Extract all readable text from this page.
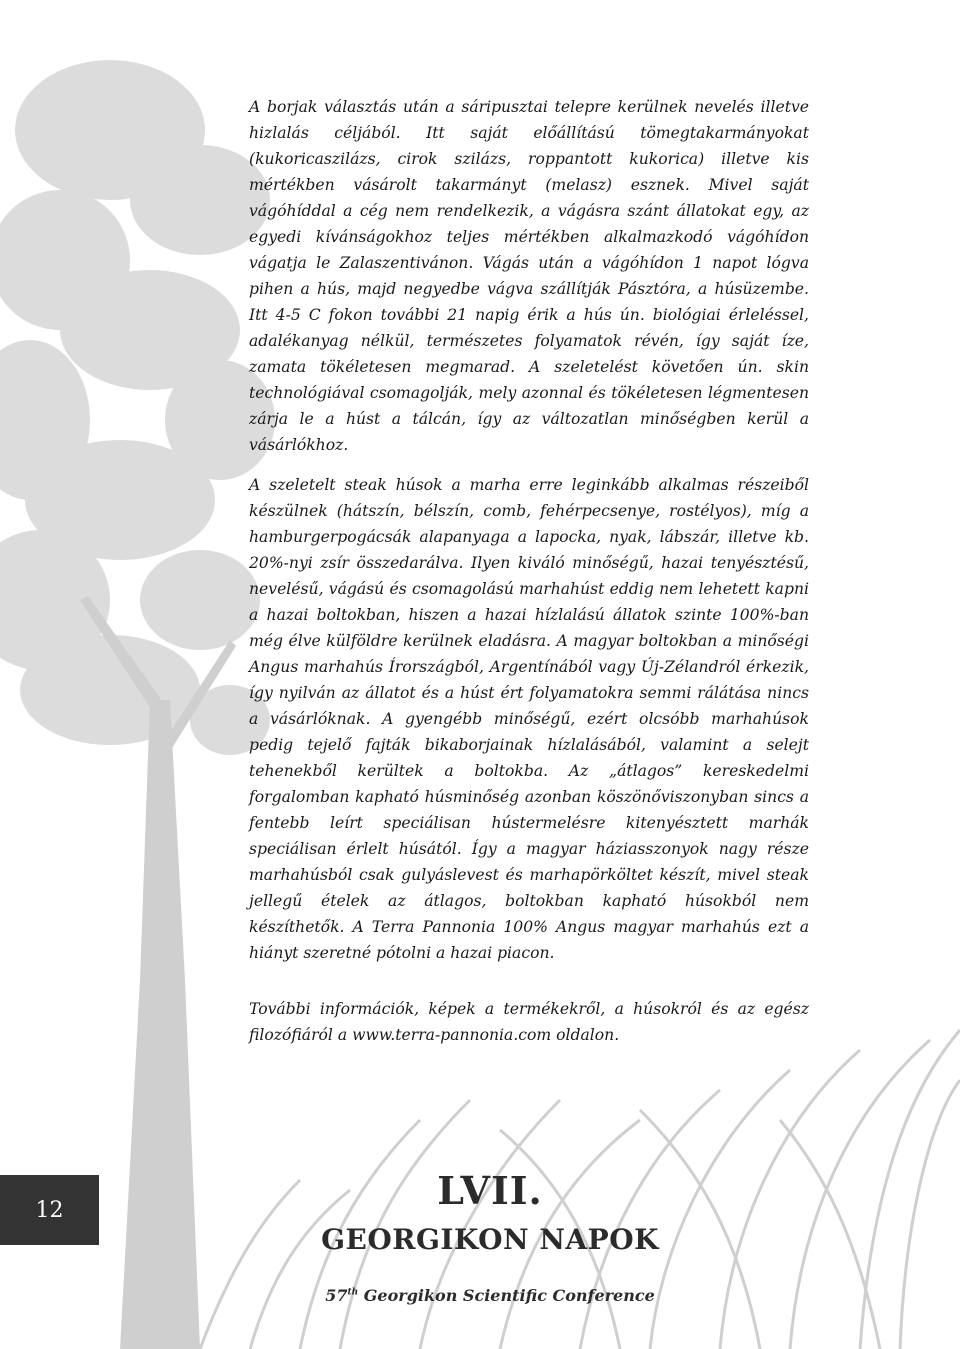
A borjak választás után a sáripusztai telepre kerülnek nevelés illetve hizlalás céljából. Itt saját előállítású tömegtakarmányokat (kukoricaszilázs, cirok szilázs, roppantott kukorica) illetve kis mértékben vásárolt takarmányt (melasz) esznek. Mivel saját vágóhíddal a cég nem rendelkezik, a vágásra szánt állatokat egy, az egyedi kívánságokhoz teljes mértékben alkalmazkodó vágóhídon vágatja le Zalaszentivánon. Vágás után a vágóhídon 1 napot lógva pihen a hús, majd negyedbe vágva szállítják Pásztóra, a húsüzembe. Itt 4-5 C fokon további 21 napig érik a hús ún. biológiai érleléssel, adalékanyag nélkül, természetes folyamatok révén, így saját íze, zamata tökéletesen megmarad. A szeletelést követően ún. skin technológiával csomagolják, mely azonnal és tökéletesen légmentesen zárja le a húst a tálcán, így az változatlan minőségben kerül a vásárlókhoz.

A szeletelt steak húsok a marha erre leginkább alkalmas részeiből készülnek (hátszín, bélszín, comb, fehérpecsenye, rostélyos), míg a hamburgerpogácsák alapanyaga a lapocka, nyak, lábszár, illetve kb. 20%-nyi zsír összedarálva. Ilyen kiváló minőségű, hazai tenyésztésű, nevelésű, vágású és csomagolású marhahúst eddig nem lehetett kapni a hazai boltokban, hiszen a hazai hízlalású állatok szinte 100%-ban még élve külföldre kerülnek eladásra. A magyar boltokban a minőségi Angus marhahús Írországból, Argentínából vagy Új-Zélandról érkezik, így nyilván az állatot és a húst ért folyamatokra semmi rálátása nincs a vásárlóknak. A gyengébb minőségű, ezért olcsóbb marhahúsok pedig tejelő fajták bikaborjainak hízlalásából, valamint a selejt tehenekből kerültek a boltokba. Az „átlagos” kereskedelmi forgalomban kapható húsminőség azonban köszönőviszonyban sincs a fentebb leírt speciálisan hústermelésre kitenyésztett marhák speciálisan érlelt húsától. Így a magyar háziasszonyok nagy része marhahúsból csak gulyáslevest és marhapörköltet készít, mivel steak jellegű ételek az átlagos, boltokban kapható húsokból nem készíthetők. A Terra Pannonia 100% Angus magyar marhahús ezt a hiányt szeretné pótolni a hazai piacon.

További információk, képek a termékekről, a húsokról és az egész filozófiáról a www.terra-pannonia.com oldalon.

12	LVII.
GEORGIKON NAPOK
57th Georgikon Scientific Conference
